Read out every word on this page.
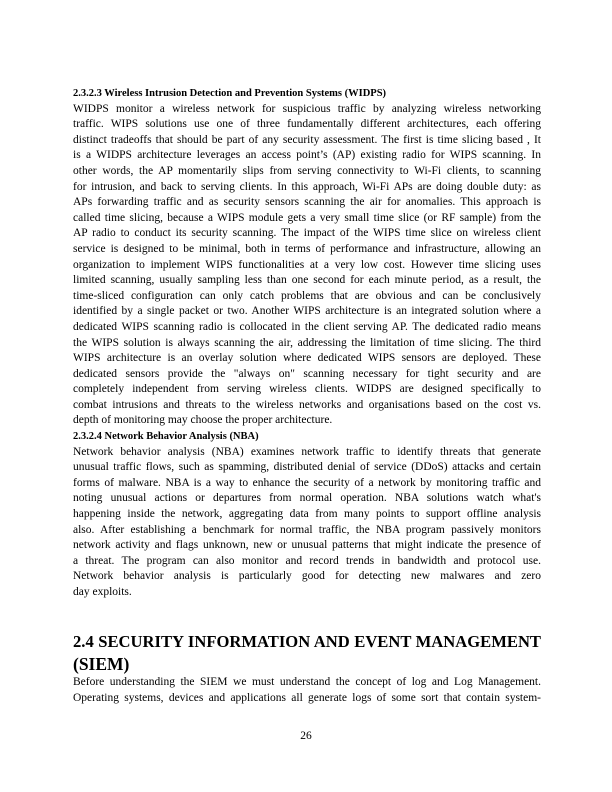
2.3.2.3 Wireless Intrusion Detection and Prevention Systems (WIDPS)
WIDPS monitor a wireless network for suspicious traffic by analyzing wireless networking
traffic. WIPS solutions use one of three fundamentally different architectures, each offering
distinct tradeoffs that should be part of any security assessment. The first is time slicing based , It
is a WIDPS architecture leverages an access point’s (AP) existing radio for WIPS scanning. In
other words, the AP momentarily slips from serving connectivity to Wi-Fi clients, to scanning
for intrusion, and back to serving clients. In this approach, Wi-Fi APs are doing double duty: as
APs forwarding traffic and as security sensors scanning the air for anomalies. This approach is
called time slicing, because a WIPS module gets a very small time slice (or RF sample) from the
AP radio to conduct its security scanning. The impact of the WIPS time slice on wireless client
service is designed to be minimal, both in terms of performance and infrastructure, allowing an
organization to implement WIPS functionalities at a very low cost. However time slicing uses
limited scanning, usually sampling less than one second for each minute period, as a result, the
time-sliced configuration can only catch problems that are obvious and can be conclusively
identified by a single packet or two. Another WIPS architecture is an integrated solution where a
dedicated WIPS scanning radio is collocated in the client serving AP. The dedicated radio means
the WIPS solution is always scanning the air, addressing the limitation of time slicing. The third
WIPS architecture is an overlay solution where dedicated WIPS sensors are deployed. These
dedicated sensors provide the "always on" scanning necessary for tight security and are
completely independent from serving wireless clients. WIDPS are designed specifically to
combat intrusions and threats to the wireless networks and organisations based on the cost vs.
depth of monitoring may choose the proper architecture.
2.3.2.4 Network Behavior Analysis (NBA)
Network behavior analysis (NBA) examines network traffic to identify threats that generate
unusual traffic flows, such as spamming, distributed denial of service (DDoS) attacks and certain
forms of malware. NBA is a way to enhance the security of a network by monitoring traffic and
noting unusual actions or departures from normal operation. NBA solutions watch what's
happening inside the network, aggregating data from many points to support offline analysis
also. After establishing a benchmark for normal traffic, the NBA program passively monitors
network activity and flags unknown, new or unusual patterns that might indicate the presence of
a threat. The program can also monitor and record trends in bandwidth and protocol use.
Network behavior analysis is particularly good for detecting new malwares and zero
day exploits.
2.4 SECURITY INFORMATION AND EVENT MANAGEMENT
(SIEM)
Before understanding the SIEM we must understand the concept of log and Log Management.
Operating systems, devices and applications all generate logs of some sort that contain system-
26
